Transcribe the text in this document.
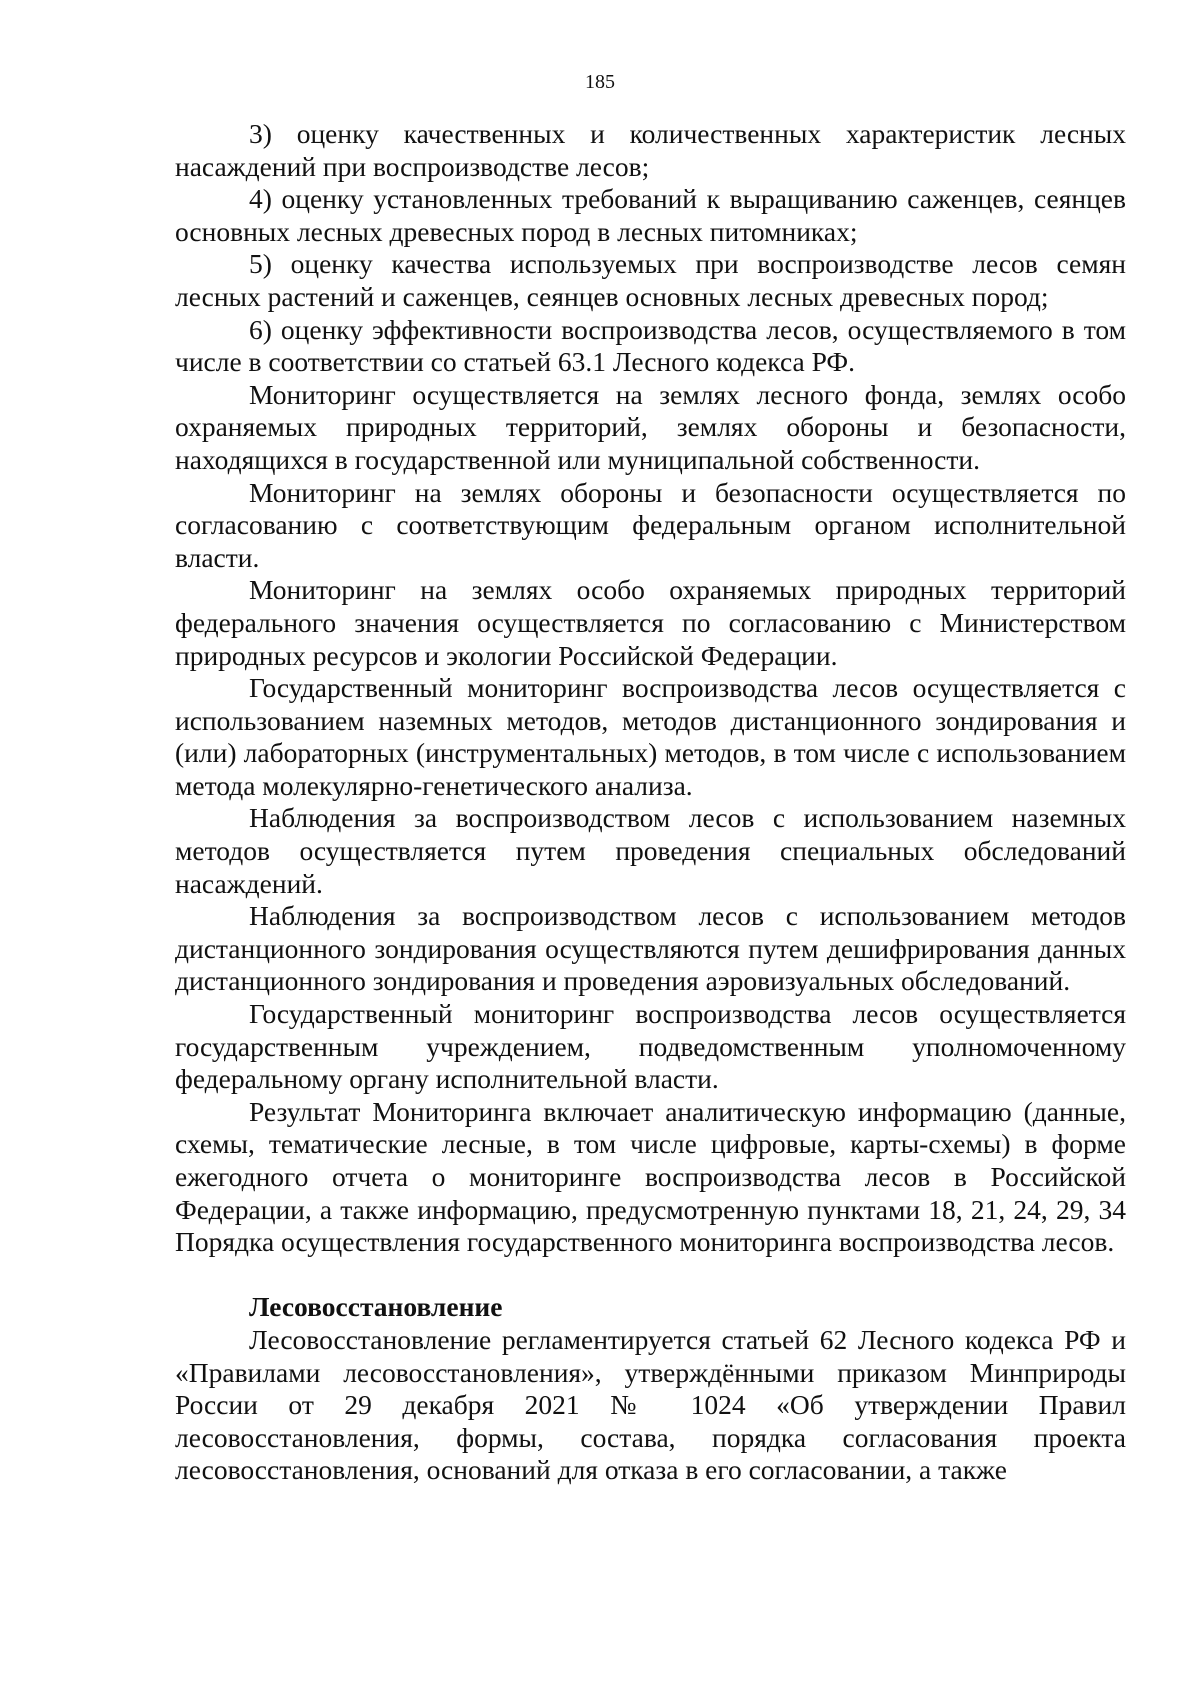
185

3) оценку качественных и количественных характеристик лесных насаждений при воспроизводстве лесов;

4) оценку установленных требований к выращиванию саженцев, сеянцев основных лесных древесных пород в лесных питомниках;

5) оценку качества используемых при воспроизводстве лесов семян лесных растений и саженцев, сеянцев основных лесных древесных пород;

6) оценку эффективности воспроизводства лесов, осуществляемого в том числе в соответствии со статьей 63.1 Лесного кодекса РФ.

Мониторинг осуществляется на землях лесного фонда, землях особо охраняемых природных территорий, землях обороны и безопасности, находящихся в государственной или муниципальной собственности.

Мониторинг на землях обороны и безопасности осуществляется по согласованию с соответствующим федеральным органом исполнительной власти.

Мониторинг на землях особо охраняемых природных территорий федерального значения осуществляется по согласованию с Министерством природных ресурсов и экологии Российской Федерации.

Государственный мониторинг воспроизводства лесов осуществляется с использованием наземных методов, методов дистанционного зондирования и (или) лабораторных (инструментальных) методов, в том числе с использованием метода молекулярно-генетического анализа.

Наблюдения за воспроизводством лесов с использованием наземных методов осуществляется путем проведения специальных обследований насаждений.

Наблюдения за воспроизводством лесов с использованием методов дистанционного зондирования осуществляются путем дешифрирования данных дистанционного зондирования и проведения аэровизуальных обследований.

Государственный мониторинг воспроизводства лесов осуществляется государственным учреждением, подведомственным уполномоченному федеральному органу исполнительной власти.

Результат Мониторинга включает аналитическую информацию (данные, схемы, тематические лесные, в том числе цифровые, карты-схемы) в форме ежегодного отчета о мониторинге воспроизводства лесов в Российской Федерации, а также информацию, предусмотренную пунктами 18, 21, 24, 29, 34 Порядка осуществления государственного мониторинга воспроизводства лесов.

Лесовосстановление

Лесовосстановление регламентируется статьей 62 Лесного кодекса РФ и «Правилами лесовосстановления», утверждёнными приказом Минприроды России от 29 декабря 2021 № 1024 «Об утверждении Правил лесовосстановления, формы, состава, порядка согласования проекта лесовосстановления, оснований для отказа в его согласовании, а также
